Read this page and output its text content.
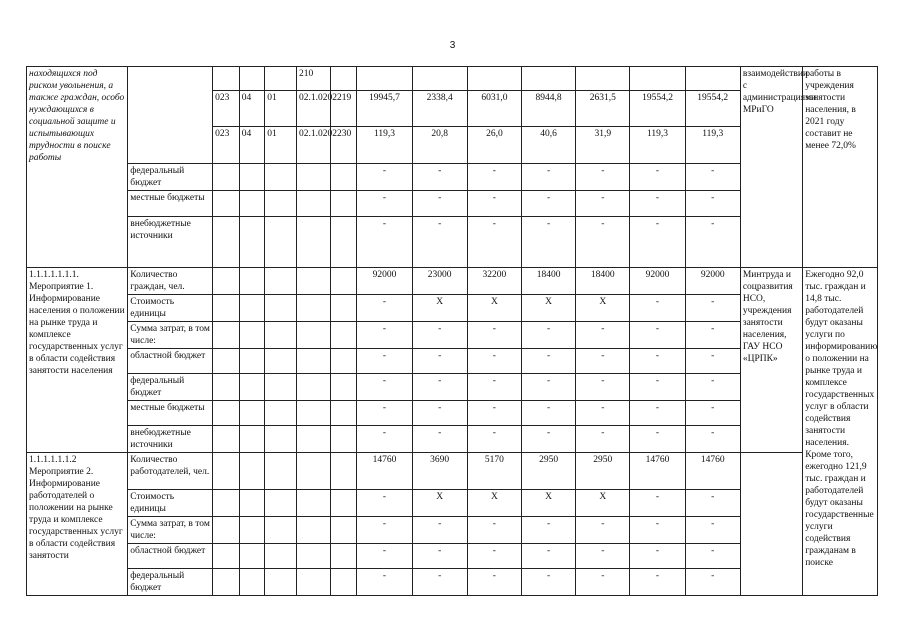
3
находящихся под риском увольнения, а также граждан, особо нуждающихся в социальной защите и испытывающих трудности в поиске работы					210									взаимодействии с администрациями МРиГО	работы в учреждения занятости населения, в 2021 году составит не менее 72,0%
		023	04	01	02.1.0202219		19945,7	2338,4	6031,0	8944,8	2631,5	19554,2	19554,2		
		023	04	01	02.1.0202230		119,3	20,8	26,0	40,6	31,9	119,3	119,3		
	федеральный бюджет						-	-	-	-	-	-	-		
	местные бюджеты						-	-	-	-	-	-	-		
	внебюджетные источники						-	-	-	-	-	-	-		
1.1.1.1.1.1.1. Мероприятие 1. Информирование населения о положении на рынке труда и комплексе государственных услуг в области содействия занятости населения	Количество граждан, чел.						92000	23000	32200	18400	18400	92000	92000	Минтруда и соцразвития НСО, учреждения занятости населения, ГАУ НСО «ЦРПК»	Ежегодно 92,0 тыс. граждан и 14,8 тыс. работодателей будут оказаны услуги по информированию о положении на рынке труда и комплексе государственных услуг в области содействия занятости населения. Кроме того, ежегодно 121,9 тыс. граждан и работодателей будут оказаны государственные услуги содействия гражданам в поиске
	Стоимость единицы						-	X	X	X	X	-	-		
	Сумма затрат, в том числе:						-	-	-	-	-	-	-		
	областной бюджет						-	-	-	-	-	-	-		
	федеральный бюджет						-	-	-	-	-	-	-		
	местные бюджеты						-	-	-	-	-	-	-		
	внебюджетные источники						-	-	-	-	-	-	-		
1.1.1.1.1.1.2 Мероприятие 2. Информирование работодателей о положении на рынке труда и комплексе государственных услуг в области содействия занятости	Количество работодателей, чел.						14760	3690	5170	2950	2950	14760	14760		
	Стоимость единицы						-	X	X	X	X	-	-		
	Сумма затрат, в том числе:						-	-	-	-	-	-	-		
	областной бюджет						-	-	-	-	-	-	-		
	федеральный бюджет						-	-	-	-	-	-	-		
